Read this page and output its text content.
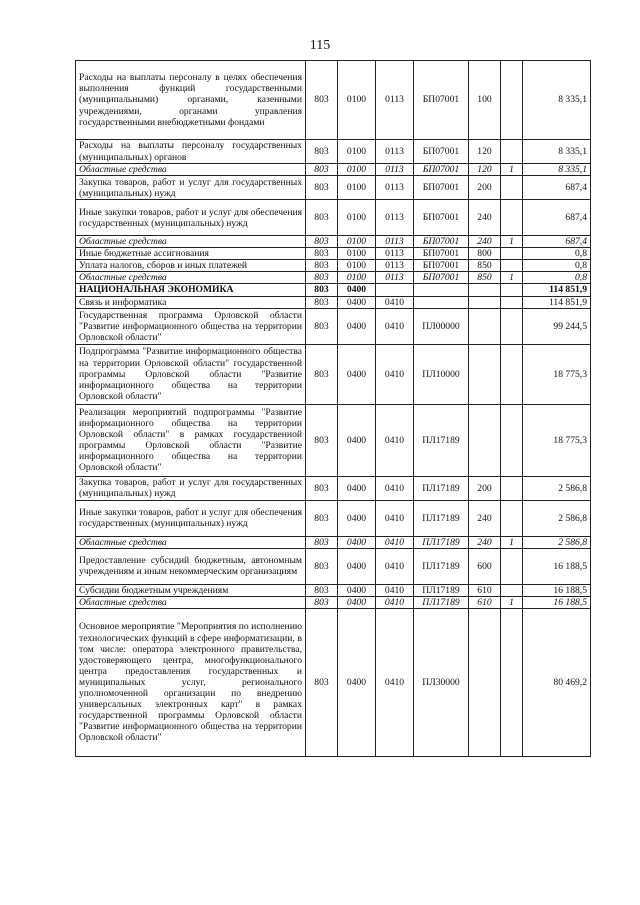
115
Расходы на выплаты персоналу в целях обеспечения выполнения функций государственными (муниципальными) органами, казенными учреждениями, органами управления государственными внебюджетными фондами	803	0100	0113	БП07001	100		8 335,1
Расходы на выплаты персоналу государственных (муниципальных) органов	803	0100	0113	БП07001	120		8 335,1
Областные средства	803	0100	0113	БП07001	120	1	8 335,1
Закупка товаров, работ и услуг для государственных (муниципальных) нужд	803	0100	0113	БП07001	200		687,4
Иные закупки товаров, работ и услуг для обеспечения государственных (муниципальных) нужд	803	0100	0113	БП07001	240		687,4
Областные средства	803	0100	0113	БП07001	240	1	687,4
Иные бюджетные ассигнования	803	0100	0113	БП07001	800		0,8
Уплата налогов, сборов и иных платежей	803	0100	0113	БП07001	850		0,8
Областные средства	803	0100	0113	БП07001	850	1	0,8
НАЦИОНАЛЬНАЯ ЭКОНОМИКА	803	0400					114 851,9
Связь и информатика	803	0400	0410				114 851,9
Государственная программа Орловской области "Развитие информационного общества на территории Орловской области"	803	0400	0410	ПЛ00000			99 244,5
Подпрограмма "Развитие информационного общества на территории Орловской области" государственной программы Орловской области "Развитие информационного общества на территории Орловской области"	803	0400	0410	ПЛ10000			18 775,3
Реализация мероприятий подпрограммы "Развитие информационного общества на территории Орловской области" в рамках государственной программы Орловской области "Развитие информационного общества на территории Орловской области"	803	0400	0410	ПЛ17189			18 775,3
Закупка товаров, работ и услуг для государственных (муниципальных) нужд	803	0400	0410	ПЛ17189	200		2 586,8
Иные закупки товаров, работ и услуг для обеспечения государственных (муниципальных) нужд	803	0400	0410	ПЛ17189	240		2 586,8
Областные средства	803	0400	0410	ПЛ17189	240	1	2 586,8
Предоставление субсидий бюджетным, автономным учреждениям и иным некоммерческим организациям	803	0400	0410	ПЛ17189	600		16 188,5
Субсидии бюджетным учреждениям	803	0400	0410	ПЛ17189	610		16 188,5
Областные средства	803	0400	0410	ПЛ17189	610	1	16 188,5
Основное мероприятие "Мероприятия по исполнению технологических функций в сфере информатизации, в том числе: оператора электронного правительства, удостоверяющего центра, многофункционального центра предоставления государственных и муниципальных услуг, регионального уполномоченной организации по внедрению универсальных электронных карт" в рамках государственной программы Орловской области "Развитие информационного общества на территории Орловской области"	803	0400	0410	ПЛ30000			80 469,2
